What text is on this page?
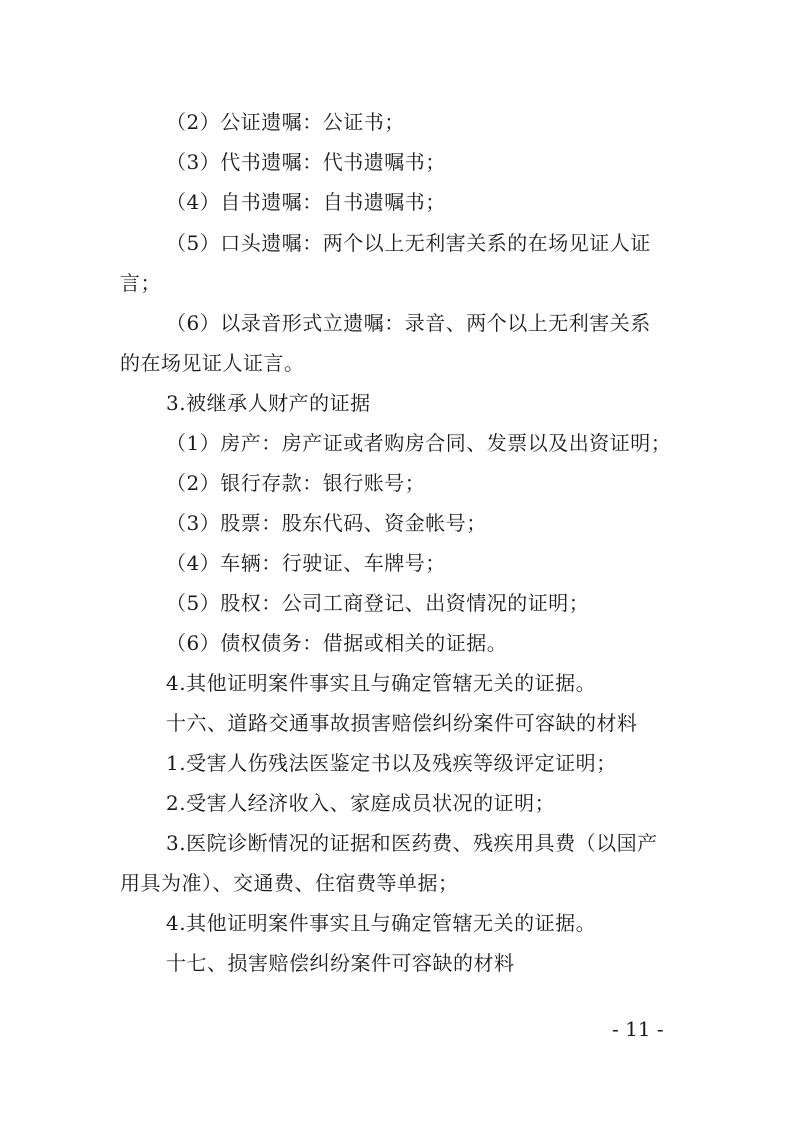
（2）公证遗嘱：公证书；
（3）代书遗嘱：代书遗嘱书；
（4）自书遗嘱：自书遗嘱书；
（5）口头遗嘱：两个以上无利害关系的在场见证人证
言；
（6）以录音形式立遗嘱：录音、两个以上无利害关系
的在场见证人证言。
3.被继承人财产的证据
（1）房产：房产证或者购房合同、发票以及出资证明；
（2）银行存款：银行账号；
（3）股票：股东代码、资金帐号；
（4）车辆：行驶证、车牌号；
（5）股权：公司工商登记、出资情况的证明；
（6）债权债务：借据或相关的证据。
4.其他证明案件事实且与确定管辖无关的证据。
十六、道路交通事故损害赔偿纠纷案件可容缺的材料
1.受害人伤残法医鉴定书以及残疾等级评定证明；
2.受害人经济收入、家庭成员状况的证明；
3.医院诊断情况的证据和医药费、残疾用具费（以国产
用具为准）、交通费、住宿费等单据；
4.其他证明案件事实且与确定管辖无关的证据。
十七、损害赔偿纠纷案件可容缺的材料
- 11 -
